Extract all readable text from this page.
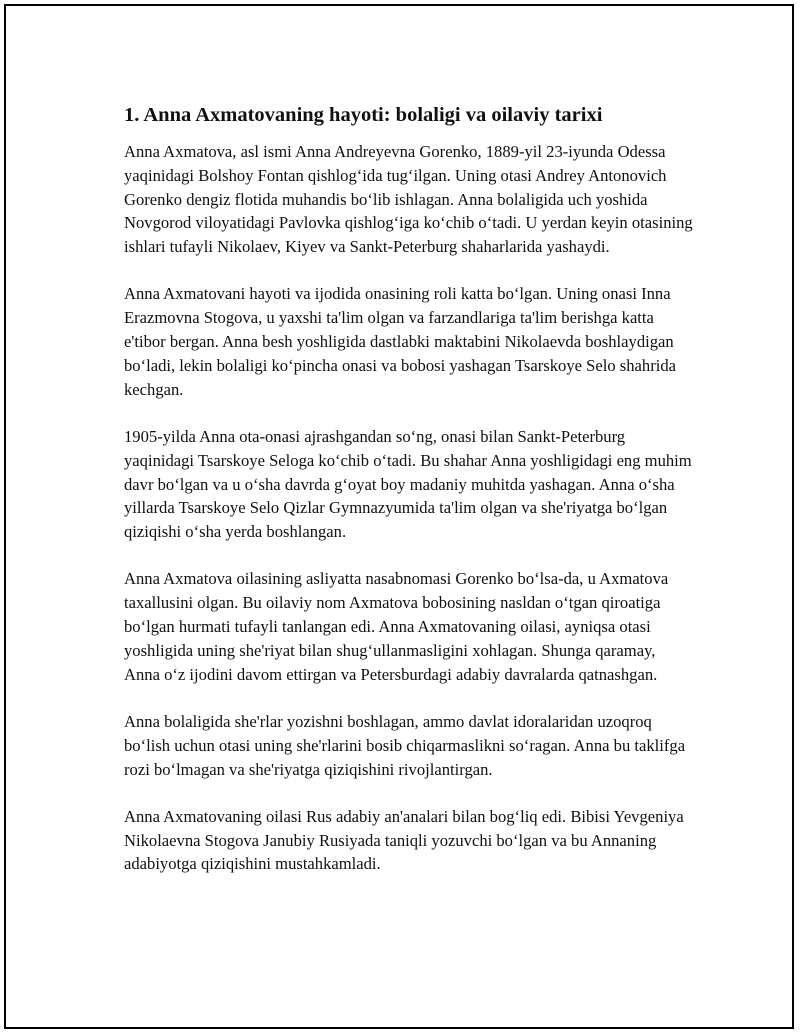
1. Anna Axmatovaning hayoti: bolaligi va oilaviy tarixi

Anna Axmatova, asl ismi Anna Andreyevna Gorenko, 1889-yil 23-iyunda Odessa yaqinidagi Bolshoy Fontan qishlog‘ida tug‘ilgan. Uning otasi Andrey Antonovich Gorenko dengiz flotida muhandis bo‘lib ishlagan. Anna bolaligida uch yoshida Novgorod viloyatidagi Pavlovka qishlog‘iga ko‘chib o‘tadi. U yerdan keyin otasining ishlari tufayli Nikolaev, Kiyev va Sankt-Peterburg shaharlarida yashaydi.

Anna Axmatovani hayoti va ijodida onasining roli katta bo‘lgan. Uning onasi Inna Erazmovna Stogova, u yaxshi ta'lim olgan va farzandlariga ta'lim berishga katta e'tibor bergan. Anna besh yoshligida dastlabki maktabini Nikolaevda boshlaydigan bo‘ladi, lekin bolaligi ko‘pincha onasi va bobosi yashagan Tsarskoye Selo shahrida kechgan.

1905-yilda Anna ota-onasi ajrashgandan so‘ng, onasi bilan Sankt-Peterburg yaqinidagi Tsarskoye Seloga ko‘chib o‘tadi. Bu shahar Anna yoshligidagi eng muhim davr bo‘lgan va u o‘sha davrda g‘oyat boy madaniy muhitda yashagan. Anna o‘sha yillarda Tsarskoye Selo Qizlar Gymnazyumida ta'lim olgan va she'riyatga bo‘lgan qiziqishi o‘sha yerda boshlangan.

Anna Axmatova oilasining asliyatta nasabnomasi Gorenko bo‘lsa-da, u Axmatova taxallusini olgan. Bu oilaviy nom Axmatova bobosining nasldan o‘tgan qiroatiga bo‘lgan hurmati tufayli tanlangan edi. Anna Axmatovaning oilasi, ayniqsa otasi yoshligida uning she'riyat bilan shug‘ullanmasligini xohlagan. Shunga qaramay, Anna o‘z ijodini davom ettirgan va Petersburdagi adabiy davralarda qatnashgan.

Anna bolaligida she'rlar yozishni boshlagan, ammo davlat idoralaridan uzoqroq bo‘lish uchun otasi uning she'rlarini bosib chiqarmaslikni so‘ragan. Anna bu taklifga rozi bo‘lmagan va she'riyatga qiziqishini rivojlantirgan.

Anna Axmatovaning oilasi Rus adabiy an'analari bilan bog‘liq edi. Bibisi Yevgeniya Nikolaevna Stogova Janubiy Rusiyada taniqli yozuvchi bo‘lgan va bu Annaning adabiyotga qiziqishini mustahkamladi.
